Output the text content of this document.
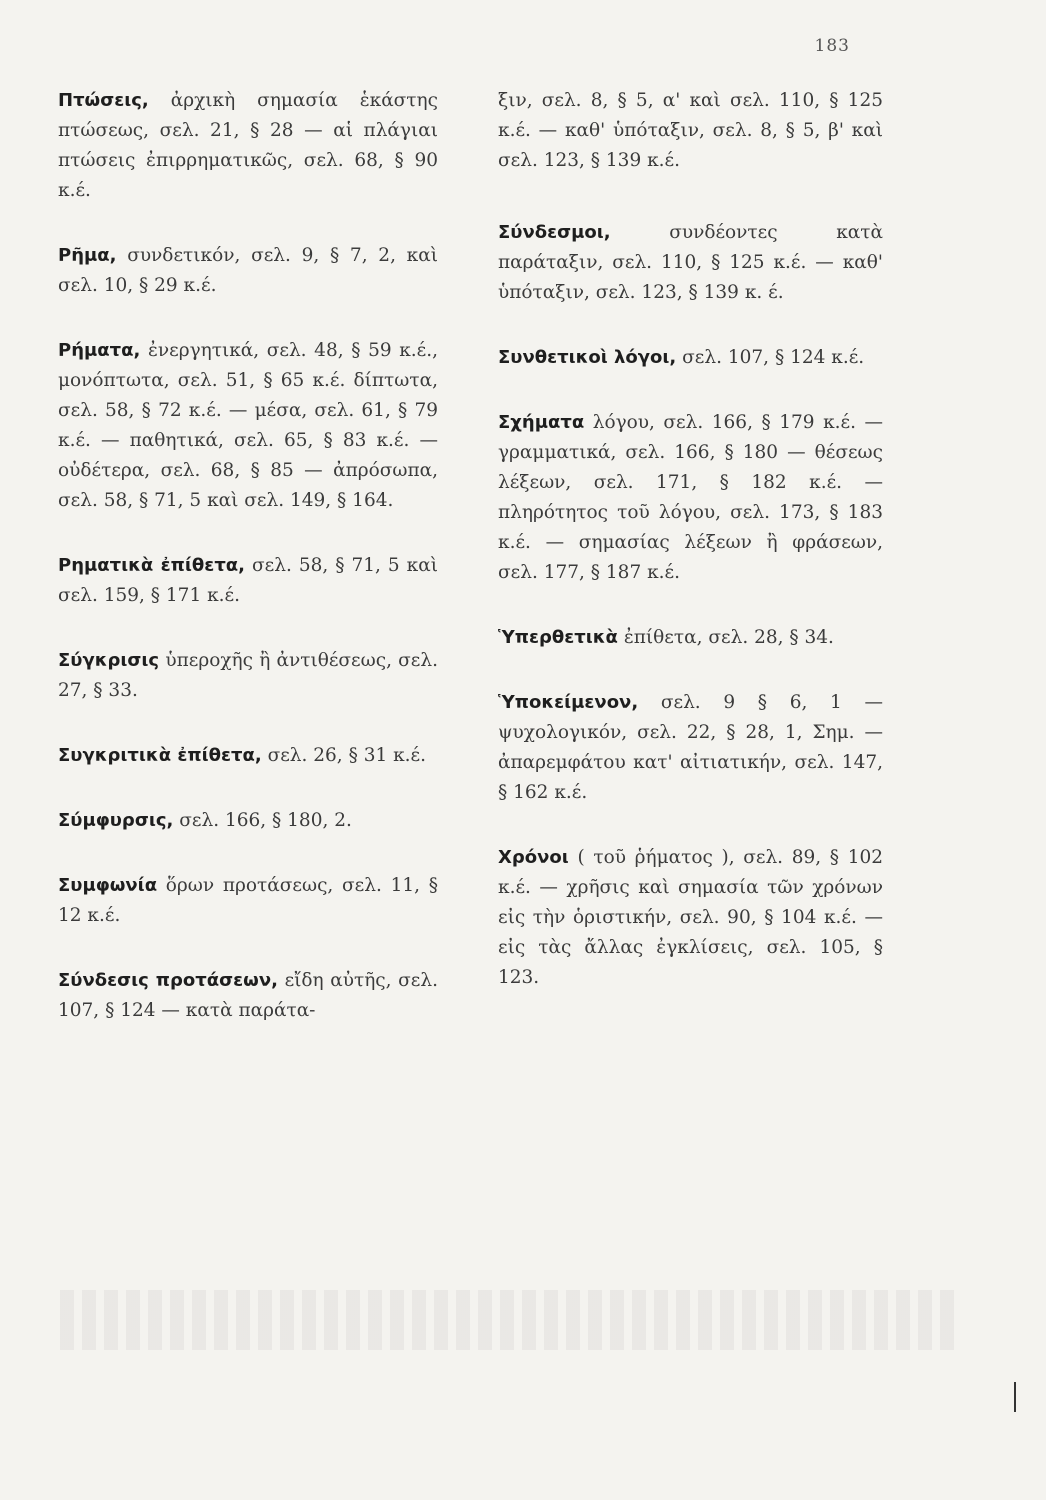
183

Πτώσεις, ἀρχικὴ σημασία ἑκάστης πτώσεως, σελ. 21, § 28 — αἱ πλάγιαι πτώσεις ἐπιρρηματικῶς, σελ. 68, § 90 κ.έ.

Ρῆμα, συνδετικόν, σελ. 9, § 7, 2, καὶ σελ. 10, § 29 κ.έ.

Ρήματα, ἐνεργητικά, σελ. 48, § 59 κ.έ., μονόπτωτα, σελ. 51, § 65 κ.έ. δίπτωτα, σελ. 58, § 72 κ.έ. — μέσα, σελ. 61, § 79 κ.έ. — παθητικά, σελ. 65, § 83 κ.έ. — οὐδέτερα, σελ. 68, § 85 — ἀπρόσωπα, σελ. 58, § 71, 5 καὶ σελ. 149, § 164.

Ρηματικὰ ἐπίθετα, σελ. 58, § 71, 5 καὶ σελ. 159, § 171 κ.έ.

Σύγκρισις ὑπεροχῆς ἢ ἀντιθέσεως, σελ. 27, § 33.

Συγκριτικὰ ἐπίθετα, σελ. 26, § 31 κ.έ.

Σύμφυρσις, σελ. 166, § 180, 2.

Συμφωνία ὅρων προτάσεως, σελ. 11, § 12 κ.έ.

Σύνδεσις προτάσεων, εἴδη αὐτῆς, σελ. 107, § 124 — κατὰ παράτα-

ξιν, σελ. 8, § 5, α' καὶ σελ. 110, § 125 κ.έ. — καθ' ὑπόταξιν, σελ. 8, § 5, β' καὶ σελ. 123, § 139 κ.έ.

Σύνδεσμοι,	συνδέοντες κατὰ παράταξιν, σελ. 110, § 125 κ.έ. — καθ' ὑπόταξιν, σελ. 123, § 139 κ. έ.

Συνθετικοὶ λόγοι, σελ. 107, § 124 κ.έ.

Σχήματα λόγου, σελ. 166, § 179 κ.έ. — γραμματικά, σελ. 166, § 180 — θέσεως λέξεων, σελ. 171, § 182 κ.έ. — πληρότητος τοῦ λόγου, σελ. 173, § 183 κ.έ. — σημασίας λέξεων ἢ φράσεων, σελ. 177, § 187 κ.έ.

Ὑπερθετικὰ ἐπίθετα, σελ. 28, § 34.

Ὑποκείμενον, σελ. 9 § 6, 1 — ψυχολογικόν, σελ. 22, § 28, 1, Σημ. — ἀπαρεμφάτου κατ' αἰτιατικήν, σελ. 147, § 162 κ.έ.

Χρόνοι ( τοῦ ῥήματος ), σελ. 89, § 102 κ.έ. — χρῆσις καὶ σημασία τῶν χρόνων εἰς τὴν ὁριστικήν, σελ. 90, § 104 κ.έ. — εἰς τὰς ἄλλας ἐγκλίσεις, σελ. 105, § 123.
